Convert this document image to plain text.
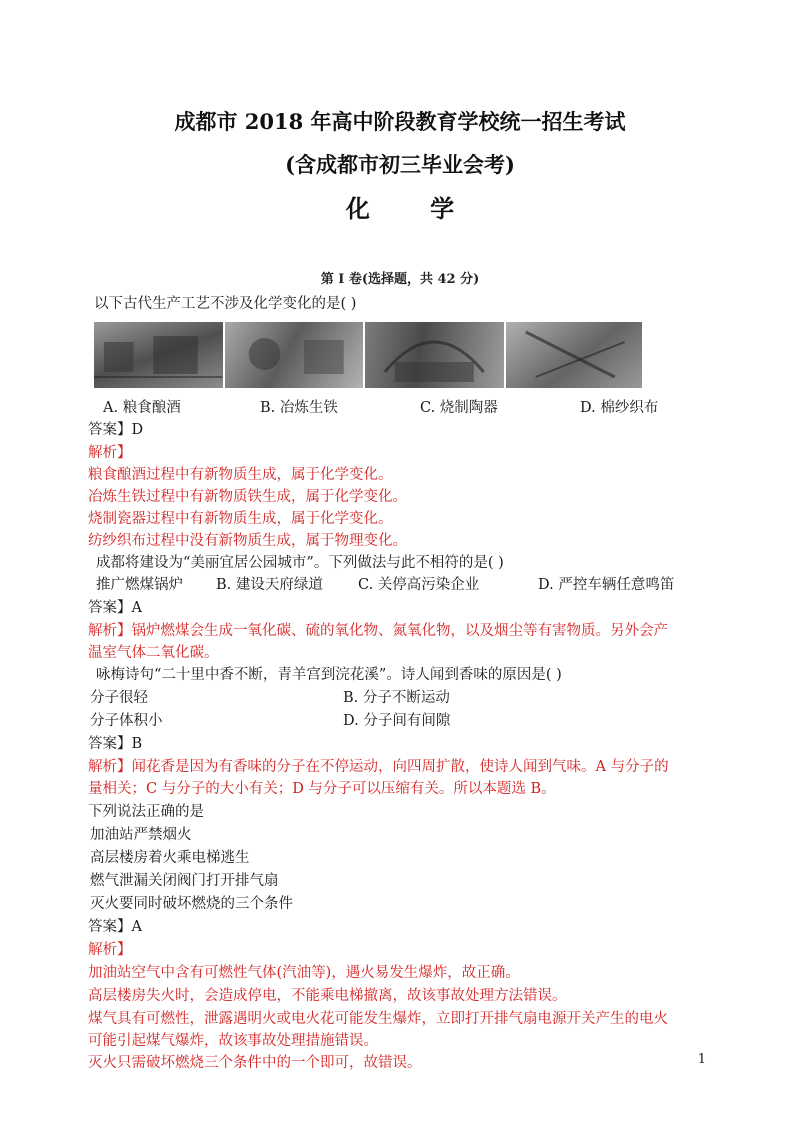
成都市 2018 年高中阶段教育学校统一招生考试
(含成都市初三毕业会考)
化 学
第 Ⅰ 卷(选择题，共 42 分)
以下古代生产工艺不涉及化学变化的是( )
A. 粮食酿酒	B. 冶炼生铁	C. 烧制陶器	D. 棉纱织布
答案】D
解析】
粮食酿酒过程中有新物质生成，属于化学变化。
冶炼生铁过程中有新物质铁生成，属于化学变化。
烧制瓷器过程中有新物质生成，属于化学变化。
纺纱织布过程中没有新物质生成，属于物理变化。
成都将建设为“美丽宜居公园城市”。下列做法与此不相符的是( )
推广燃煤锅炉 B. 建设天府绿道 C. 关停高污染企业	D. 严控车辆任意鸣笛
答案】A
解析】锅炉燃煤会生成一氧化碳、硫的氧化物、氮氧化物，以及烟尘等有害物质。另外会产
温室气体二氧化碳。
咏梅诗句“二十里中香不断，青羊宫到浣花溪”。诗人闻到香味的原因是( )
分子很轻	B. 分子不断运动
分子体积小	D. 分子间有间隙
答案】B
解析】闻花香是因为有香味的分子在不停运动，向四周扩散，使诗人闻到气味。A 与分子的
量相关；C 与分子的大小有关；D 与分子可以压缩有关。所以本题选 B。
下列说法正确的是
加油站严禁烟火
高层楼房着火乘电梯逃生
燃气泄漏关闭阀门打开排气扇
灭火要同时破坏燃烧的三个条件
答案】A
解析】
加油站空气中含有可燃性气体(汽油等)，遇火易发生爆炸，故正确。
高层楼房失火时，会造成停电，不能乘电梯撤离，故该事故处理方法错误。
煤气具有可燃性，泄露遇明火或电火花可能发生爆炸，立即打开排气扇电源开关产生的电火
可能引起煤气爆炸，故该事故处理措施错误。
灭火只需破坏燃烧三个条件中的一个即可，故错误。	1
